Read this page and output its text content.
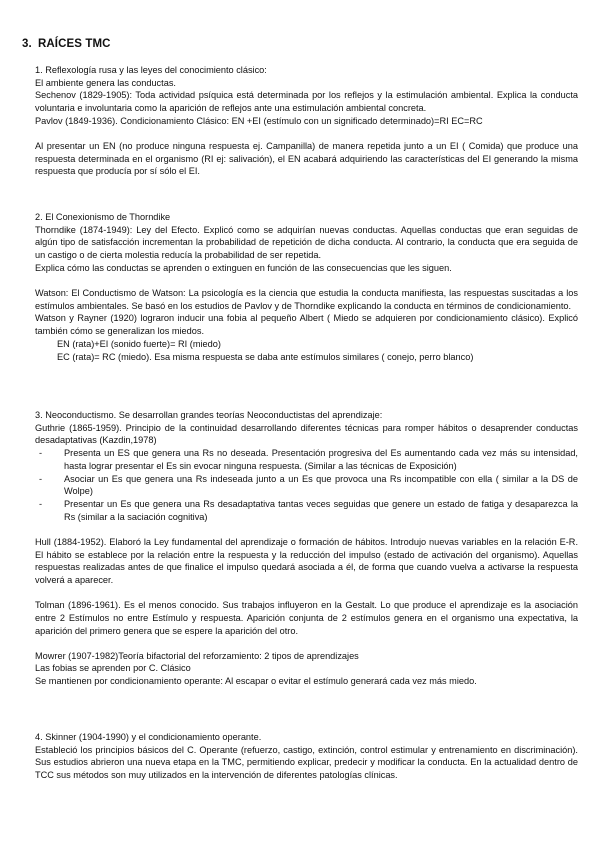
3. RAÍCES TMC

1. Reflexología rusa y las leyes del conocimiento clásico:

El ambiente genera las conductas.

Sechenov (1829-1905): Toda actividad psíquica está determinada por los reflejos y la estimulación ambiental. Explica la conducta voluntaria e involuntaria como la aparición de reflejos ante una estimulación ambiental concreta.

Pavlov (1849-1936). Condicionamiento Clásico: EN +EI (estímulo con un significado determinado)=RI EC=RC

Al presentar un EN (no produce ninguna respuesta ej. Campanilla) de manera repetida junto a un EI ( Comida) que produce una respuesta determinada en el organismo (RI ej: salivación), el EN acabará adquiriendo las características del EI generando la misma respuesta que producía por sí sólo el EI.

2. El Conexionismo de Thorndike

Thorndike (1874-1949): Ley del Efecto. Explicó como se adquirían nuevas conductas. Aquellas conductas que eran seguidas de algún tipo de satisfacción incrementan la probabilidad de repetición de dicha conducta. Al contrario, la conducta que era seguida de un castigo o de cierta molestia reducía la probabilidad de ser repetida.

Explica cómo las conductas se aprenden o extinguen en función de las consecuencias que les siguen.

Watson: El Conductismo de Watson: La psicología es la ciencia que estudia la conducta manifiesta, las respuestas suscitadas a los estímulos ambientales. Se basó en los estudios de Pavlov y de Thorndike explicando la conducta en términos de condicionamiento.

Watson y Rayner (1920) lograron inducir una fobia al pequeño Albert ( Miedo se adquieren por condicionamiento clásico). Explicó también cómo se generalizan los miedos.

EN (rata)+EI (sonido fuerte)= RI (miedo)

EC (rata)= RC (miedo). Esa misma respuesta se daba ante estímulos similares ( conejo, perro blanco)

3. Neoconductismo. Se desarrollan grandes teorías Neoconductistas del aprendizaje:

Guthrie (1865-1959). Principio de la continuidad desarrollando diferentes técnicas para romper hábitos o desaprender conductas desadaptativas (Kazdin,1978)

- Presenta un ES que genera una Rs no deseada. Presentación progresiva del Es aumentando cada vez más su intensidad, hasta lograr presentar el Es sin evocar ninguna respuesta. (Similar a las técnicas de Exposición)
- Asociar un Es que genera una Rs indeseada junto a un Es que provoca una Rs incompatible con ella ( similar a la DS de Wolpe)
- Presentar un Es que genera una Rs desadaptativa tantas veces seguidas que genere un estado de fatiga y desaparezca la Rs (similar a la saciación cognitiva)

Hull (1884-1952). Elaboró la Ley fundamental del aprendizaje o formación de hábitos. Introdujo nuevas variables en la relación E-R. El hábito se establece por la relación entre la respuesta y la reducción del impulso (estado de activación del organismo). Aquellas respuestas realizadas antes de que finalice el impulso quedará asociada a él, de forma que cuando vuelva a activarse la respuesta volverá a aparecer.

Tolman (1896-1961). Es el menos conocido. Sus trabajos influyeron en la Gestalt. Lo que produce el aprendizaje es la asociación entre 2 Estímulos no entre Estímulo y respuesta. Aparición conjunta de 2 estímulos genera en el organismo una expectativa, la aparición del primero genera que se espere la aparición del otro.

Mowrer (1907-1982)Teoría bifactorial del reforzamiento: 2 tipos de aprendizajes

Las fobias se aprenden por C. Clásico

Se mantienen por condicionamiento operante: Al escapar o evitar el estímulo generará cada vez más miedo.

4. Skinner (1904-1990) y el condicionamiento operante.

Estableció los principios básicos del C. Operante (refuerzo, castigo, extinción, control estimular y entrenamiento en discriminación). Sus estudios abrieron una nueva etapa en la TMC, permitiendo explicar, predecir y modificar la conducta. En la actualidad dentro de TCC sus métodos son muy utilizados en la intervención de diferentes patologías clínicas.
